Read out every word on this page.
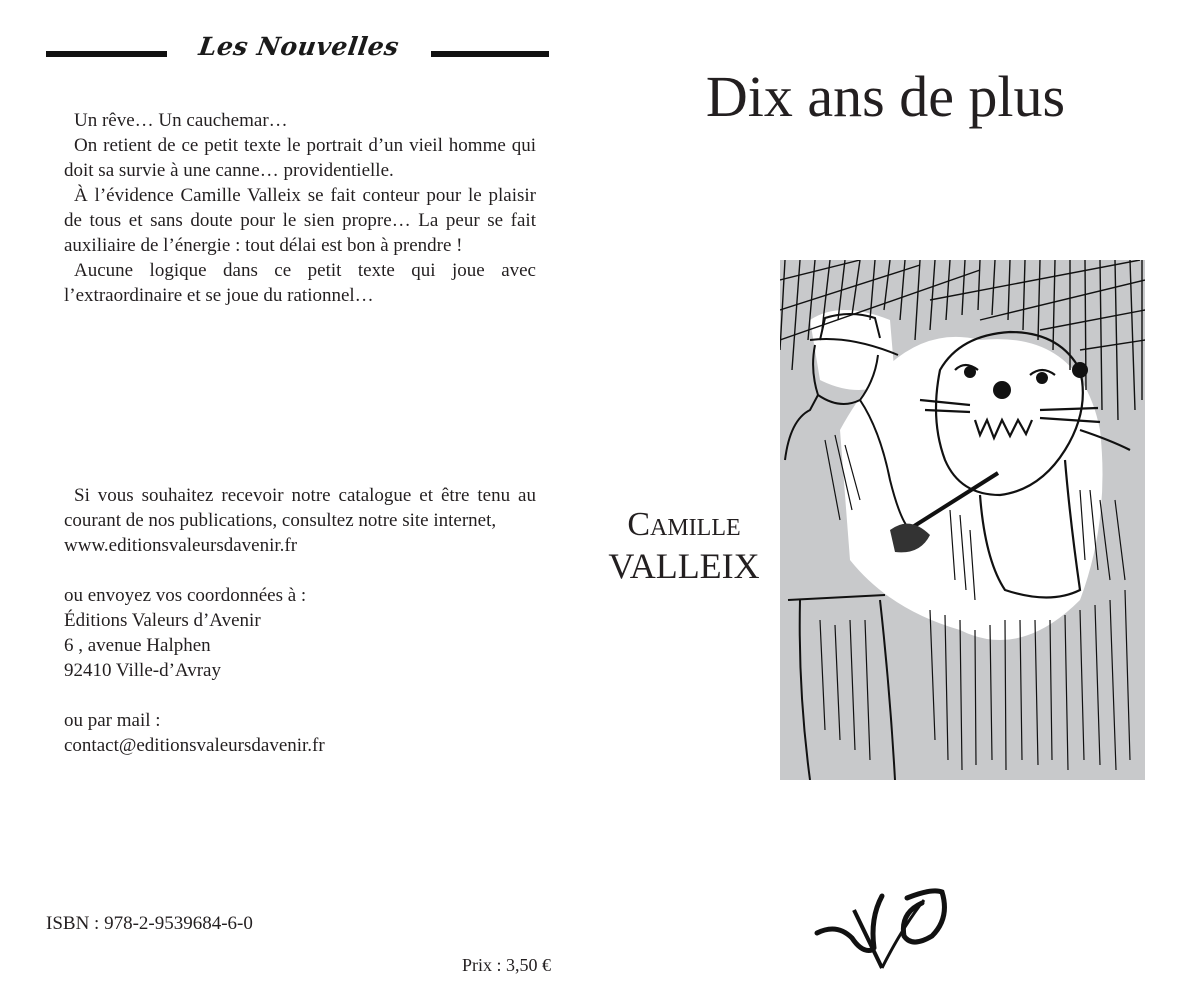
Les Nouvelles

Un rêve… Un cauchemar…

On retient de ce petit texte le portrait d’un vieil homme qui doit sa survie à une canne… providentielle.

À l’évidence Camille Valleix se fait conteur pour le plaisir de tous et sans doute pour le sien propre… La peur se fait auxiliaire de l’énergie : tout délai est bon à prendre !

Aucune logique dans ce petit texte qui joue avec l’extraordinaire et se joue du rationnel…

Si vous souhaitez recevoir notre catalogue et être tenu au courant de nos publications, consultez notre site internet,

www.editionsvaleursdavenir.fr
ou envoyez vos coordonnées à :
Éditions Valeurs d’Avenir
6 , avenue Halphen
92410 Ville-d’Avray
ou par mail :
contact@editionsvaleursdavenir.fr
ISBN : 978-2-9539684-6-0
Prix : 3,50 €
Dix ans de plus
Camille
VALLEIX
